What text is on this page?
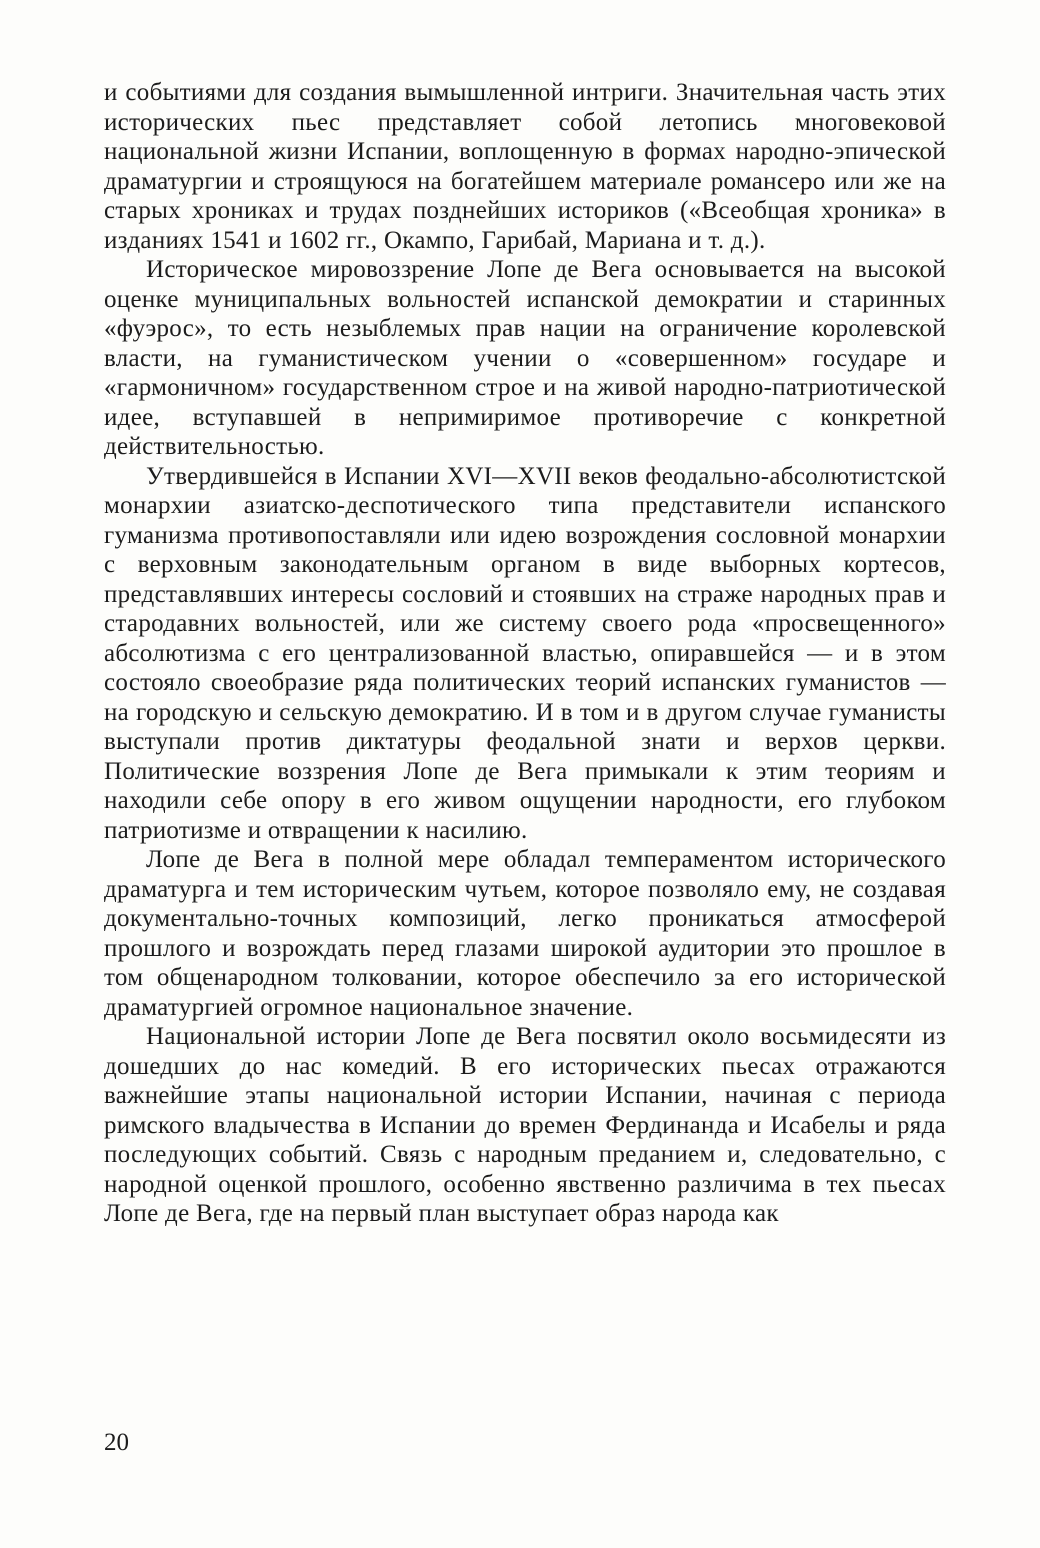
и событиями для создания вымышленной интриги. Значительная часть этих исторических пьес представляет собой летопись многовековой национальной жизни Испании, воплощенную в формах народно-эпической драматургии и строящуюся на богатейшем материале романсеро или же на старых хрониках и трудах позднейших историков («Всеобщая хроника» в изданиях 1541 и 1602 гг., Окампо, Гарибай, Мариана и т. д.).

Историческое мировоззрение Лопе де Вега основывается на высокой оценке муниципальных вольностей испанской демократии и старинных «фуэрос», то есть незыблемых прав нации на ограничение королевской власти, на гуманистическом учении о «совершенном» государе и «гармоничном» государственном строе и на живой народно-патриотической идее, вступавшей в непримиримое противоречие с конкретной действительностью.

Утвердившейся в Испании XVI—XVII веков феодально-абсолютистской монархии азиатско-деспотического типа представители испанского гуманизма противопоставляли или идею возрождения сословной монархии с верховным законодательным органом в виде выборных кортесов, представлявших интересы сословий и стоявших на страже народных прав и стародавних вольностей, или же систему своего рода «просвещенного» абсолютизма с его централизованной властью, опиравшейся — и в этом состояло своеобразие ряда политических теорий испанских гуманистов — на городскую и сельскую демократию. И в том и в другом случае гуманисты выступали против диктатуры феодальной знати и верхов церкви. Политические воззрения Лопе де Вега примыкали к этим теориям и находили себе опору в его живом ощущении народности, его глубоком патриотизме и отвращении к насилию.

Лопе де Вега в полной мере обладал темпераментом исторического драматурга и тем историческим чутьем, которое позволяло ему, не создавая документально-точных композиций, легко проникаться атмосферой прошлого и возрождать перед глазами широкой аудитории это прошлое в том общенародном толковании, которое обеспечило за его исторической драматургией огромное национальное значение.

Национальной истории Лопе де Вега посвятил около восьмидесяти из дошедших до нас комедий. В его исторических пьесах отражаются важнейшие этапы национальной истории Испании, начиная с периода римского владычества в Испании до времен Фердинанда и Исабелы и ряда последующих событий. Связь с народным преданием и, следовательно, с народной оценкой прошлого, особенно явственно различима в тех пьесах Лопе де Вега, где на первый план выступает образ народа как

20
